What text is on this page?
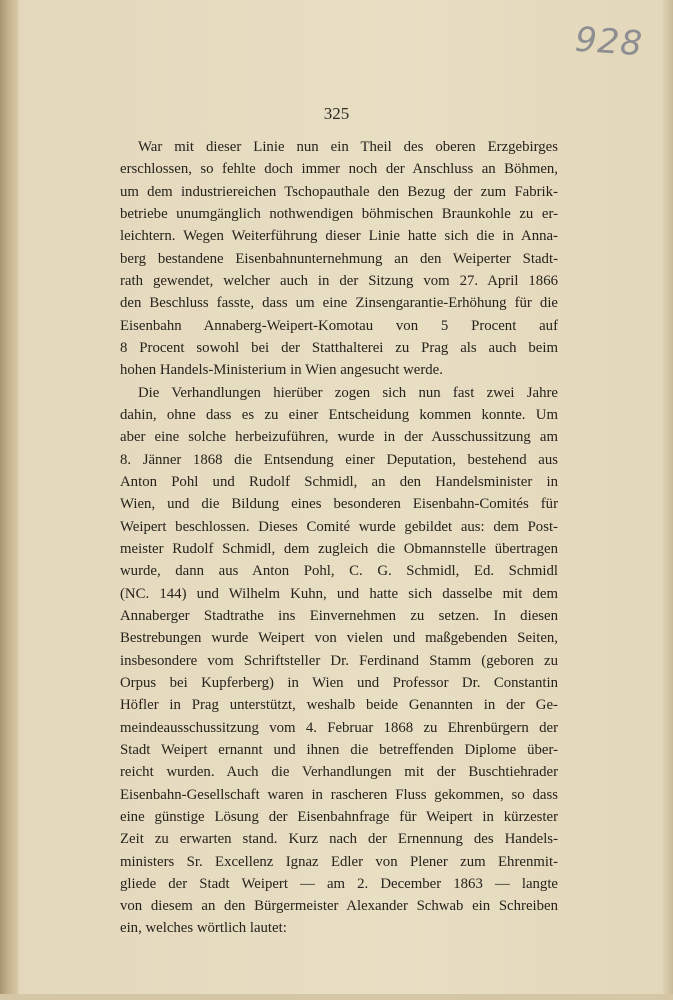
928
325
War mit dieser Linie nun ein Theil des oberen Erzgebirges
erschlossen, so fehlte doch immer noch der Anschluss an Böhmen,
um dem industriereichen Tschopauthale den Bezug der zum Fabrik-
betriebe unumgänglich nothwendigen böhmischen Braunkohle zu er-
leichtern. Wegen Weiterführung dieser Linie hatte sich die in Anna-
berg bestandene Eisenbahnunternehmung an den Weiperter Stadt-
rath gewendet, welcher auch in der Sitzung vom 27. April 1866
den Beschluss fasste, dass um eine Zinsengarantie-Erhöhung für die
Eisenbahn Annaberg-Weipert-Komotau von 5 Procent auf
8 Procent sowohl bei der Statthalterei zu Prag als auch beim
hohen Handels-Ministerium in Wien angesucht werde.
Die Verhandlungen hierüber zogen sich nun fast zwei Jahre
dahin, ohne dass es zu einer Entscheidung kommen konnte. Um
aber eine solche herbeizuführen, wurde in der Ausschussitzung am
8. Jänner 1868 die Entsendung einer Deputation, bestehend aus
Anton Pohl und Rudolf Schmidl, an den Handelsminister in
Wien, und die Bildung eines besonderen Eisenbahn-Comités für
Weipert beschlossen. Dieses Comité wurde gebildet aus: dem Post-
meister Rudolf Schmidl, dem zugleich die Obmannstelle übertragen
wurde, dann aus Anton Pohl, C. G. Schmidl, Ed. Schmidl
(NC. 144) und Wilhelm Kuhn, und hatte sich dasselbe mit dem
Annaberger Stadtrathe ins Einvernehmen zu setzen. In diesen
Bestrebungen wurde Weipert von vielen und maßgebenden Seiten,
insbesondere vom Schriftsteller Dr. Ferdinand Stamm (geboren zu
Orpus bei Kupferberg) in Wien und Professor Dr. Constantin
Höfler in Prag unterstützt, weshalb beide Genannten in der Ge-
meindeausschussitzung vom 4. Februar 1868 zu Ehrenbürgern der
Stadt Weipert ernannt und ihnen die betreffenden Diplome über-
reicht wurden. Auch die Verhandlungen mit der Buschtiehrader
Eisenbahn-Gesellschaft waren in rascheren Fluss gekommen, so dass
eine günstige Lösung der Eisenbahnfrage für Weipert in kürzester
Zeit zu erwarten stand. Kurz nach der Ernennung des Handels-
ministers Sr. Excellenz Ignaz Edler von Plener zum Ehrenmit-
gliede der Stadt Weipert — am 2. December 1863 — langte
von diesem an den Bürgermeister Alexander Schwab ein Schreiben
ein, welches wörtlich lautet:
